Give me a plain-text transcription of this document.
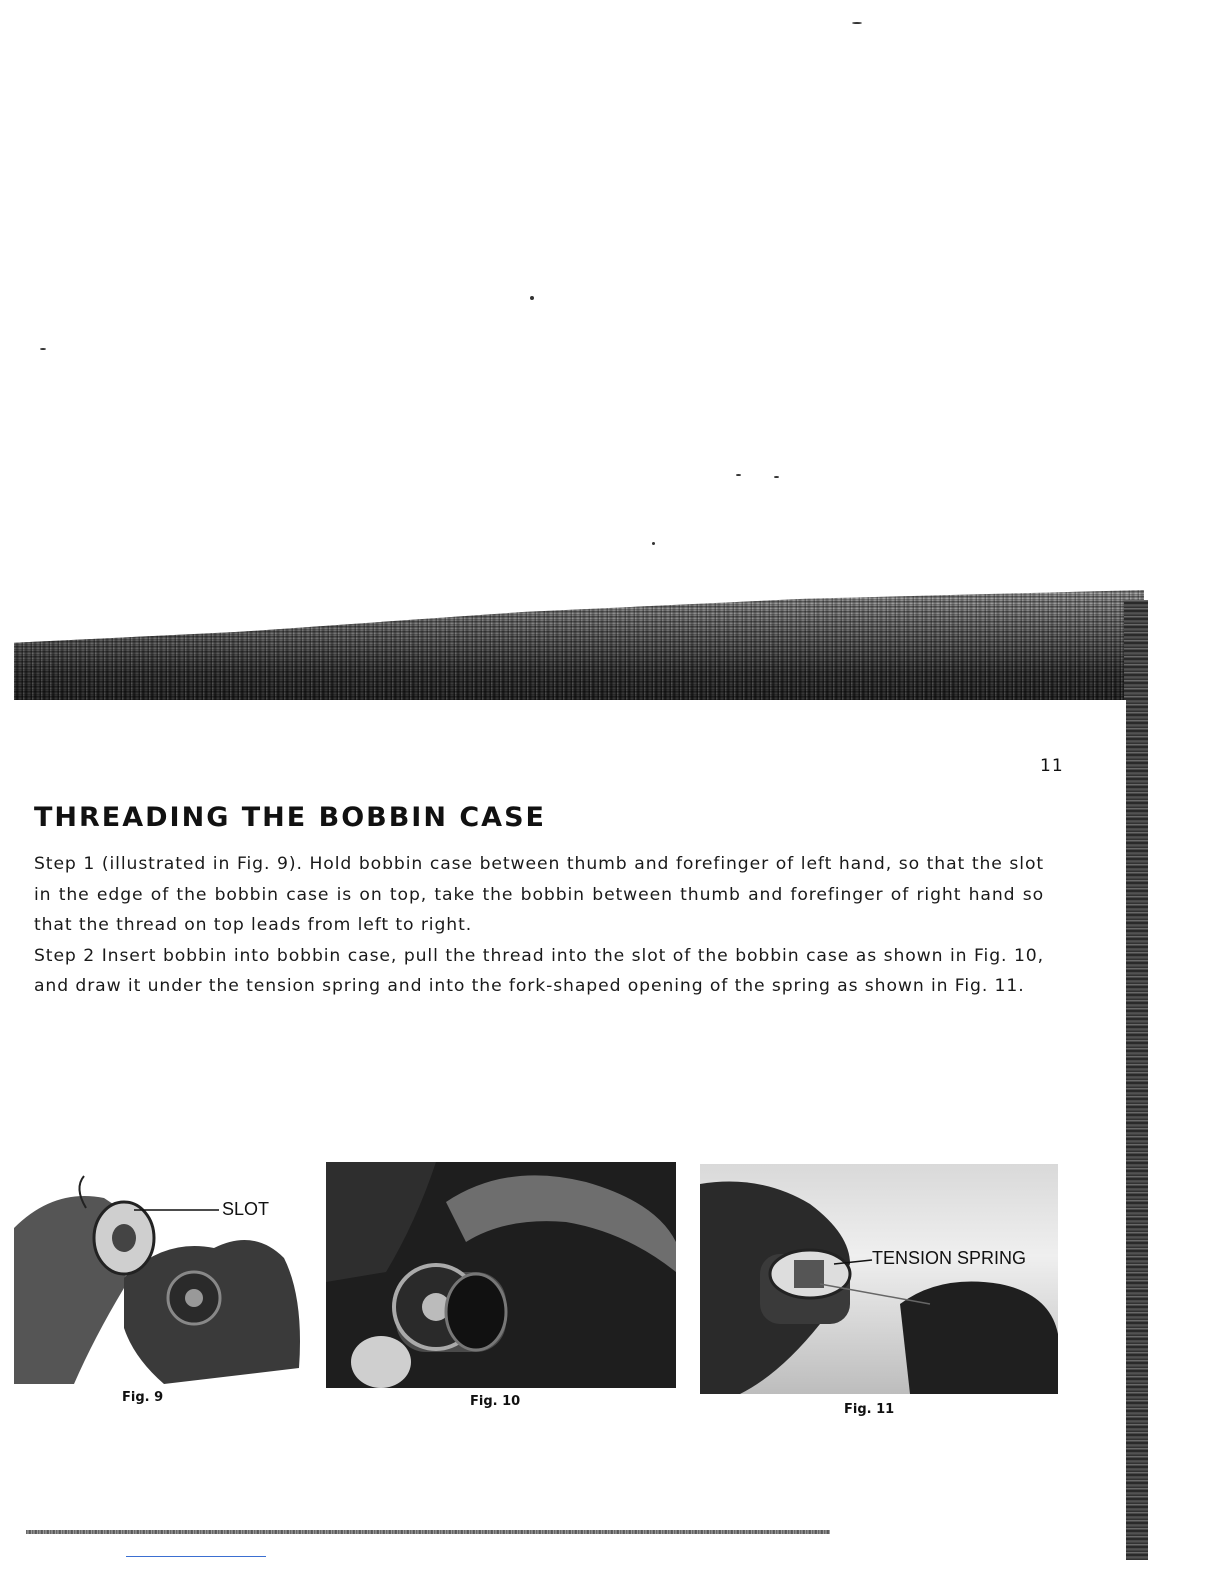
11
THREADING THE BOBBIN CASE

Step 1 (illustrated in Fig. 9). Hold bobbin case between thumb and forefinger of left hand, so that the slot in the edge of the bobbin case is on top, take the bobbin between thumb and forefinger of right hand so that the thread on top leads from left to right.

Step 2 Insert bobbin into bobbin case, pull the thread into the slot of the bobbin case as shown in Fig. 10, and draw it under the tension spring and into the fork-shaped opening of the spring as shown in Fig. 11.

SLOT
Fig. 9	Fig. 10
TENSION SPRING
Fig. 11
